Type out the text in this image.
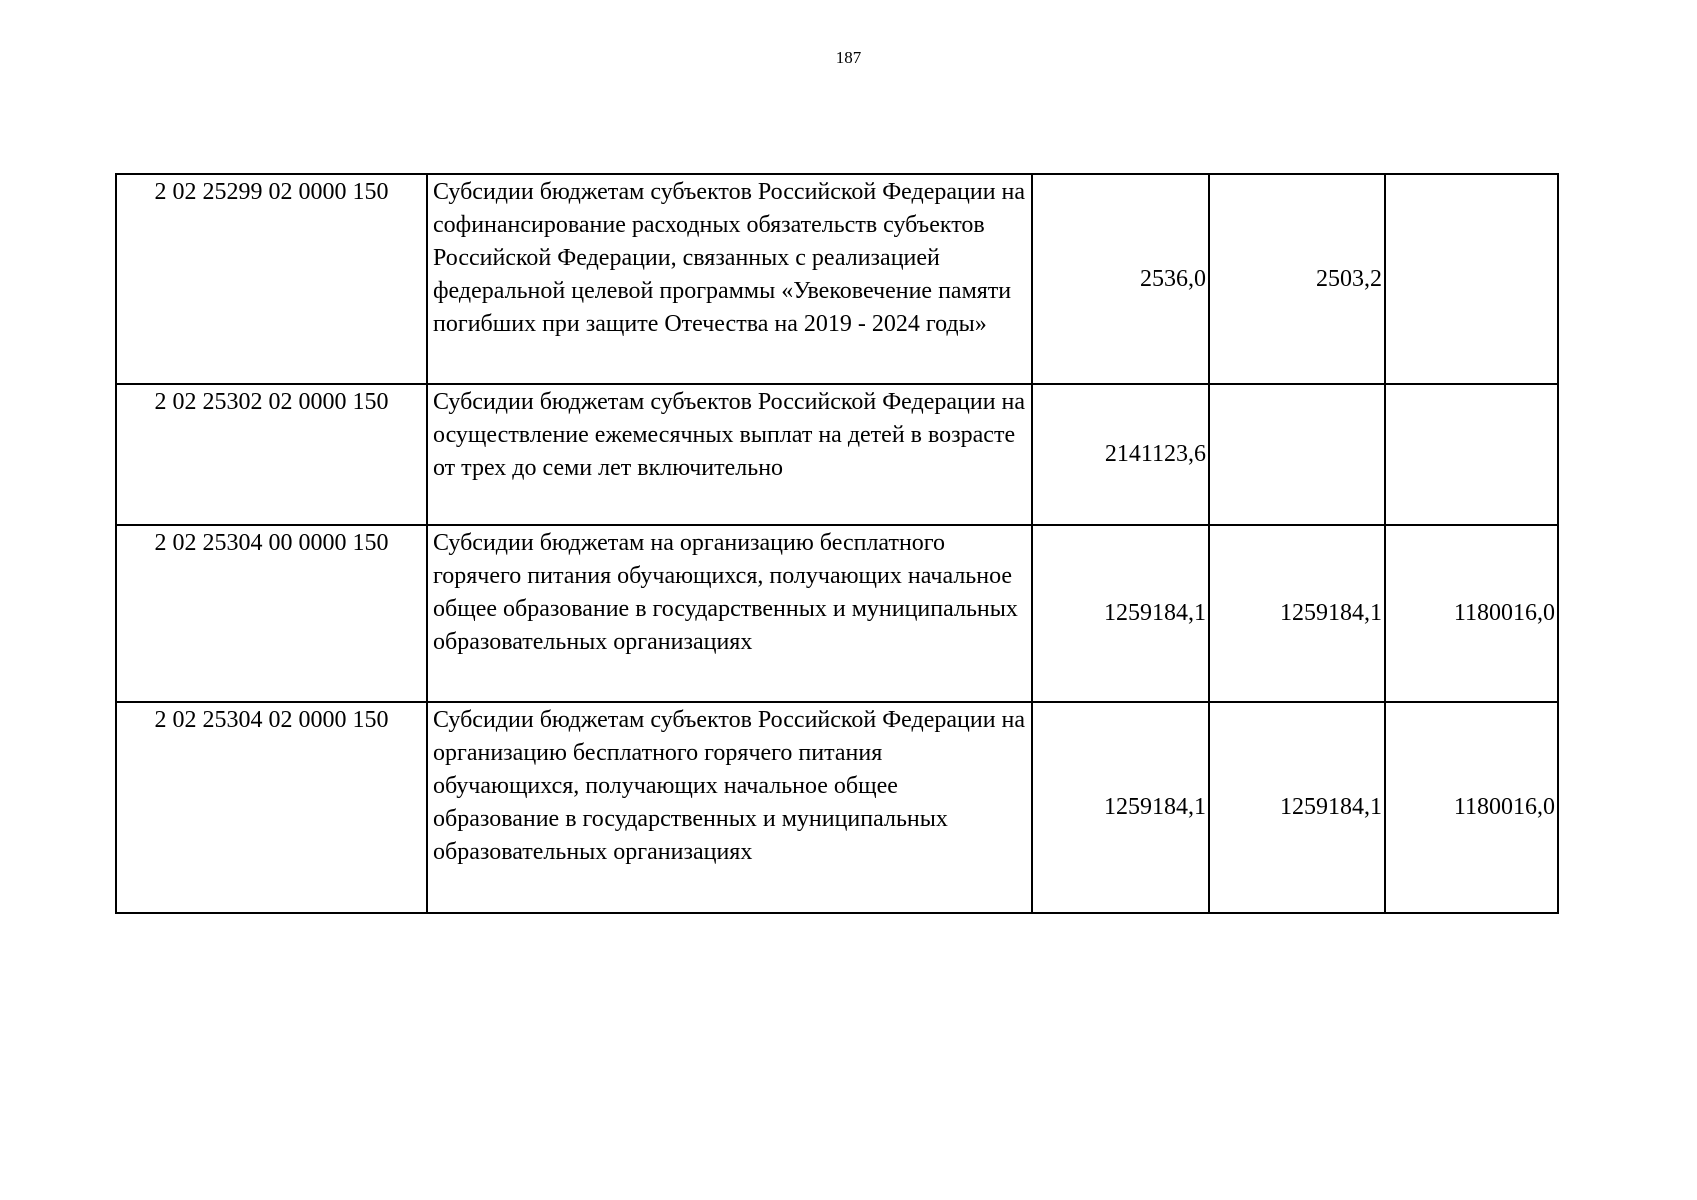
187
2 02 25299 02 0000 150	Субсидии бюджетам субъектов Российской Федерации на софинансирование расходных обязательств субъектов Российской Федерации, связанных с реализацией федеральной целевой программы «Увековечение памяти погибших при защите Отечества на 2019 - 2024 годы»	2536,0	2503,2	
2 02 25302 02 0000 150	Субсидии бюджетам субъектов Российской Федерации на осуществление ежемесячных выплат на детей в возрасте от трех до семи лет включительно	2141123,6		
2 02 25304 00 0000 150	Субсидии бюджетам на организацию бесплатного горячего питания обучающихся, получающих начальное общее образование в государственных и муниципальных образовательных организациях	1259184,1	1259184,1	1180016,0
2 02 25304 02 0000 150	Субсидии бюджетам субъектов Российской Федерации на организацию бесплатного горячего питания обучающихся, получающих начальное общее образование в государственных и муниципальных образовательных организациях	1259184,1	1259184,1	1180016,0
